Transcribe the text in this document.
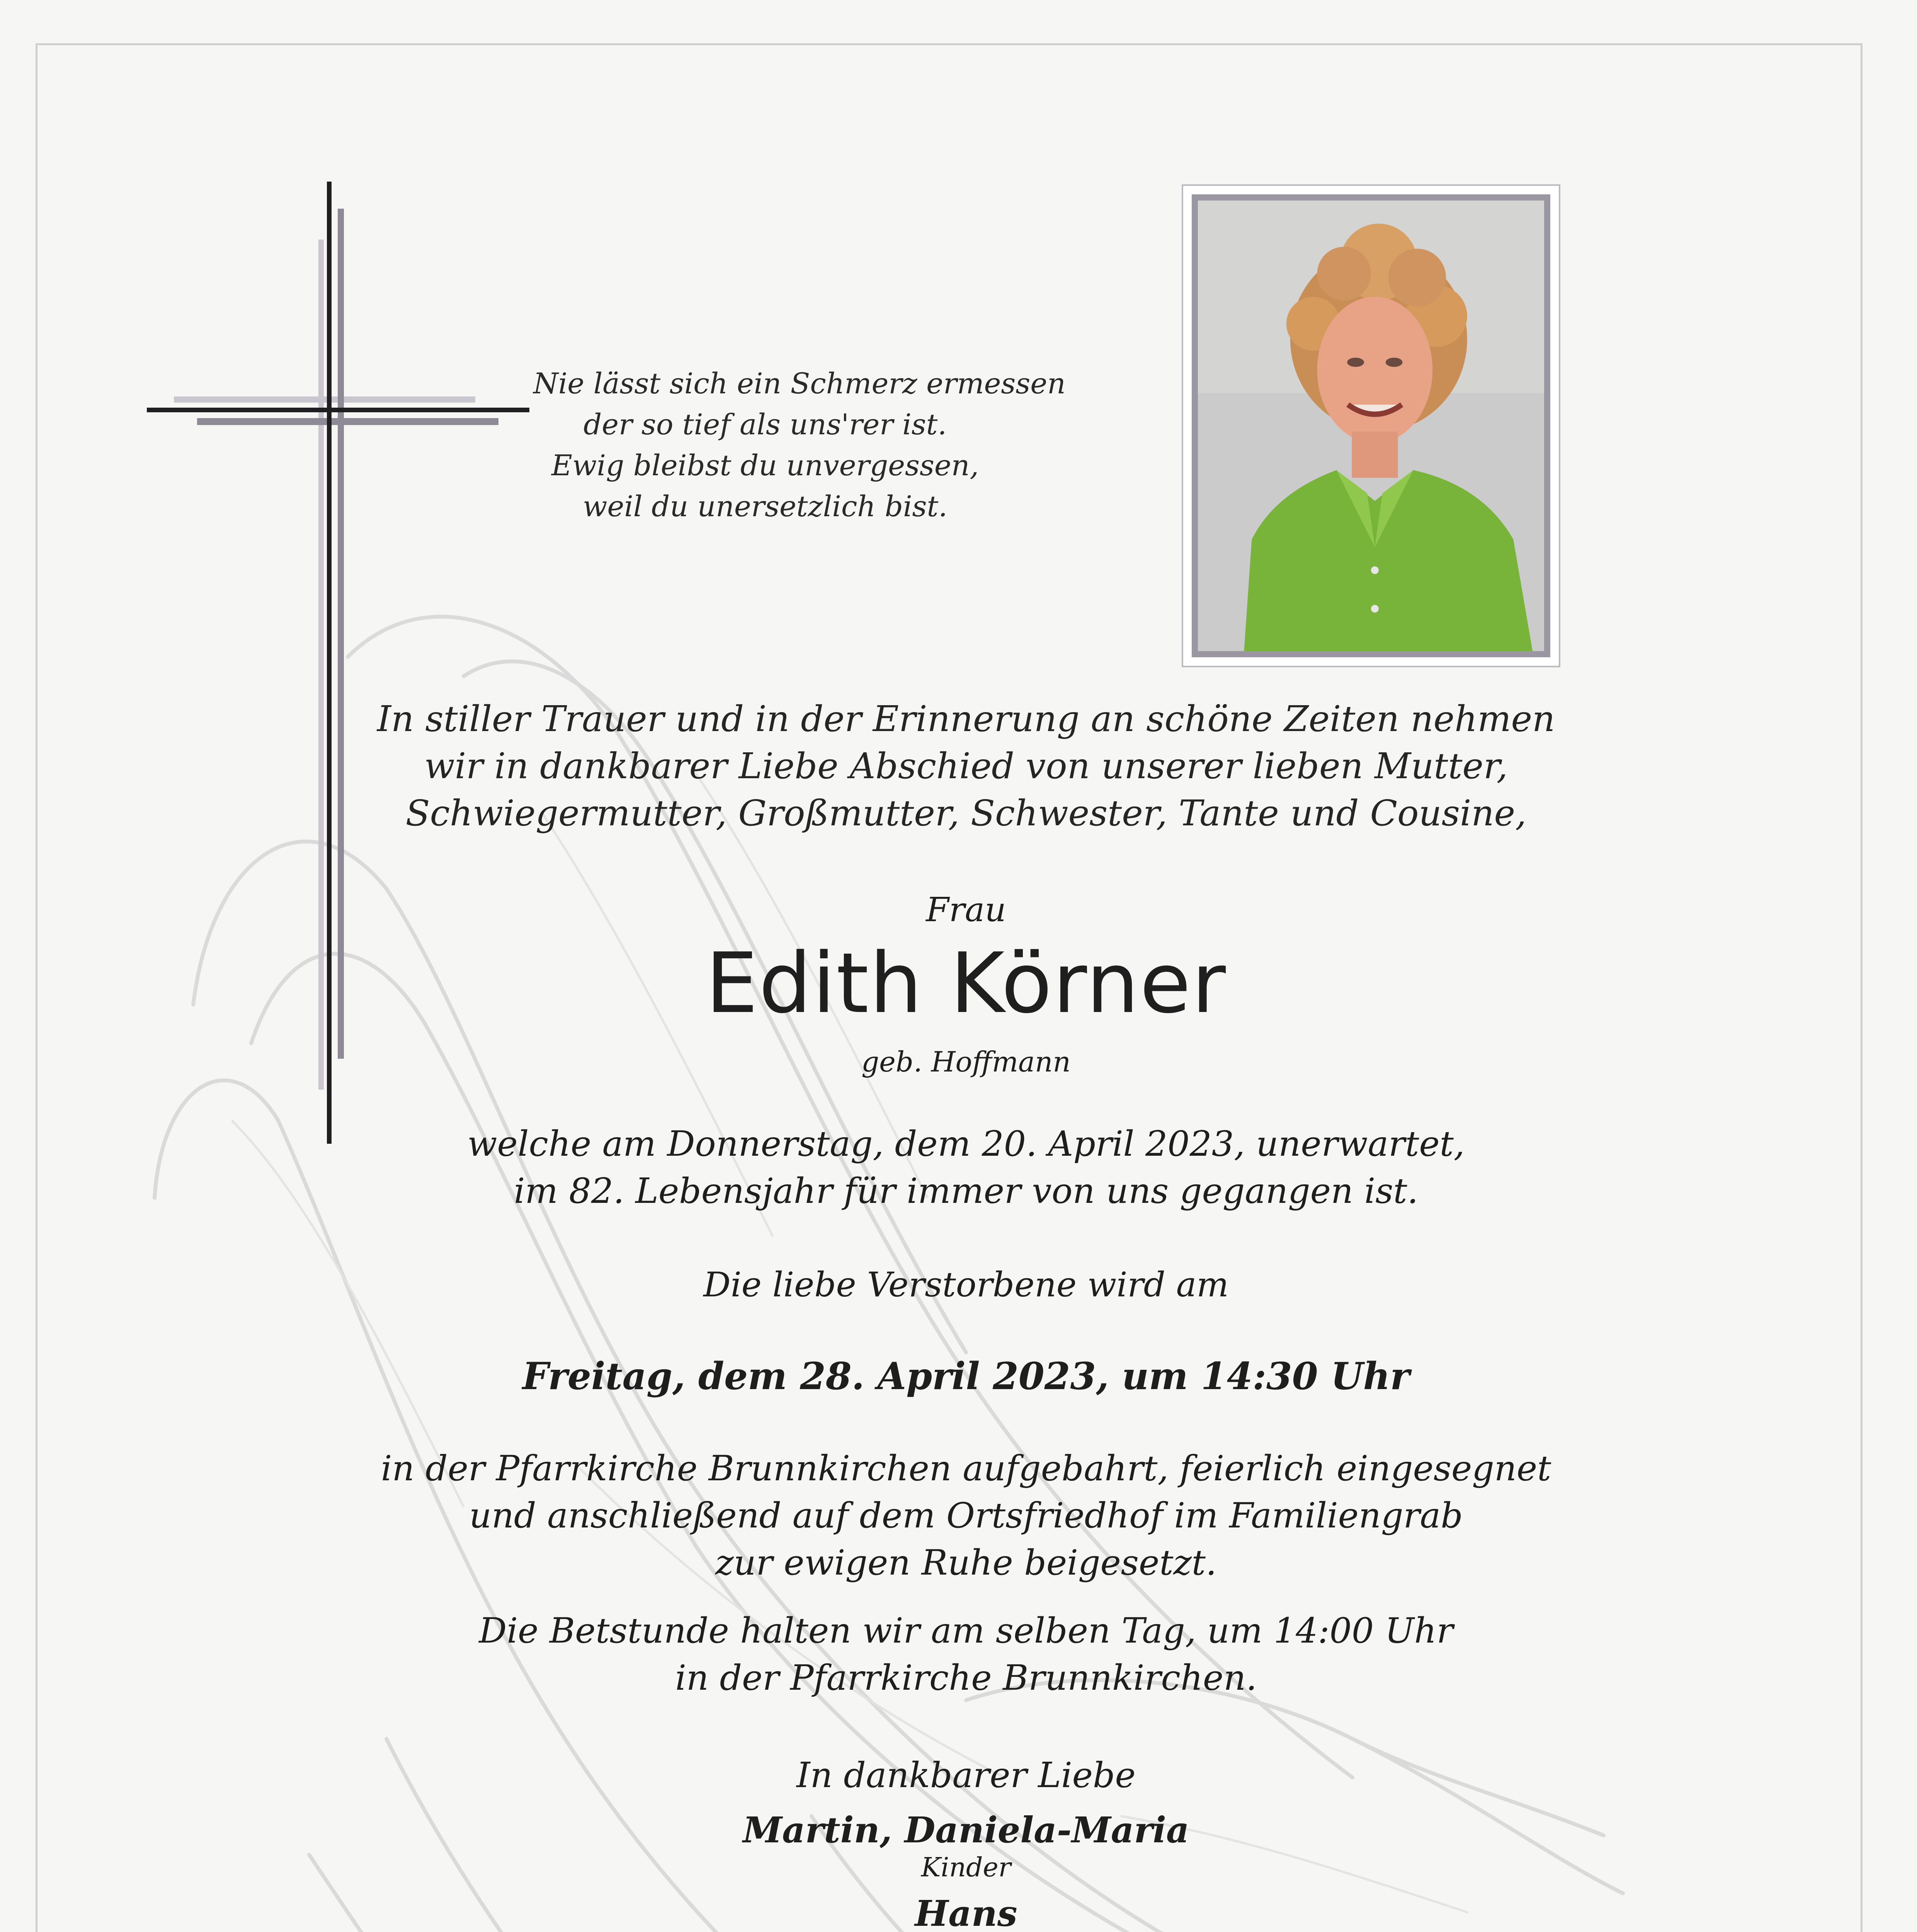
Nie lässt sich ein Schmerz ermessen
der so tief als uns'rer ist.
Ewig bleibst du unvergessen,
weil du unersetzlich bist.
In stiller Trauer und in der Erinnerung an schöne Zeiten nehmen
wir in dankbarer Liebe Abschied von unserer lieben Mutter,
Schwiegermutter, Großmutter, Schwester, Tante und Cousine,
Frau
Edith Körner
geb. Hoffmann
welche am Donnerstag, dem 20. April 2023, unerwartet,
im 82. Lebensjahr für immer von uns gegangen ist.
Die liebe Verstorbene wird am
Freitag, dem 28. April 2023, um 14:30 Uhr
in der Pfarrkirche Brunnkirchen aufgebahrt, feierlich eingesegnet
und anschließend auf dem Ortsfriedhof im Familiengrab
zur ewigen Ruhe beigesetzt.
Die Betstunde halten wir am selben Tag, um 14:00 Uhr
in der Pfarrkirche Brunnkirchen.
In dankbarer Liebe
Martin, Daniela-Maria
Kinder
Hans
